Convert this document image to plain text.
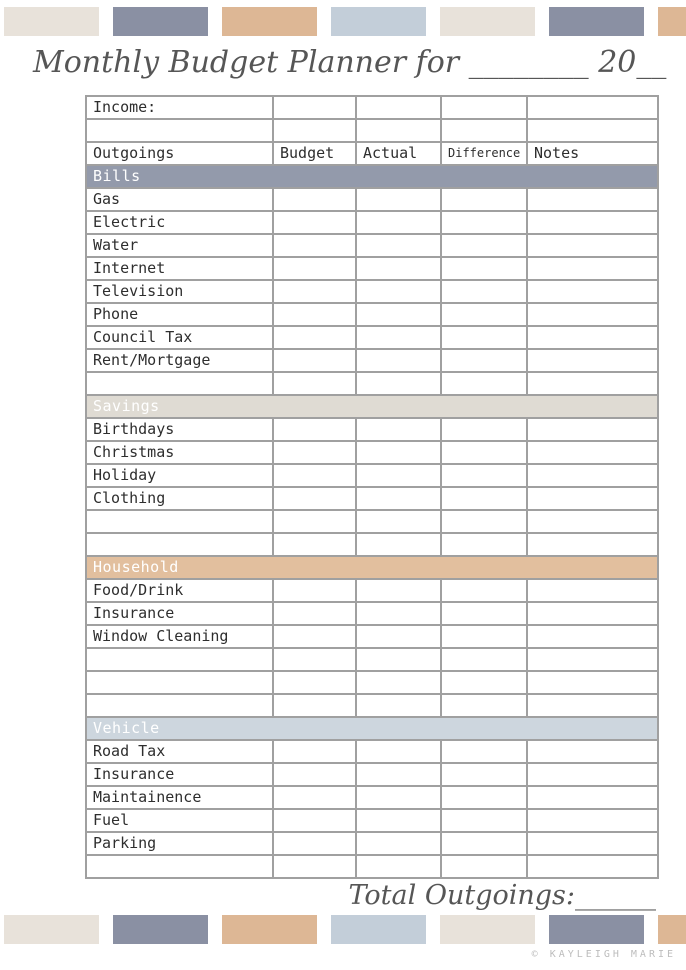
Monthly Budget Planner for ________ 20__
Income:				

Outgoings	Budget	Actual	Difference	Notes
Bills				
Gas				
Electric				
Water				
Internet				
Television				
Phone				
Council Tax				
Rent/Mortgage				

Savings				
Birthdays				
Christmas				
Holiday				
Clothing				

Household				
Food/Drink				
Insurance				
Window Cleaning				

Vehicle				
Road Tax				
Insurance				
Maintainence				
Fuel				
Parking				

Total Outgoings:______
© KAYLEIGH MARIE
